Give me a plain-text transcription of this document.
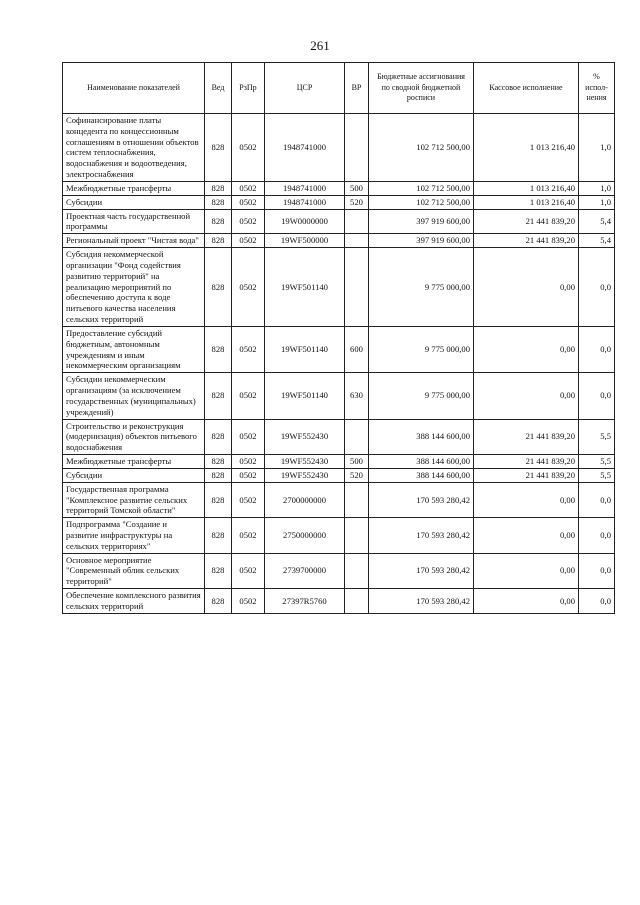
261
Наименование показателей	Вед	РзПр	ЦСР	ВР	Бюджетные ассигнования по сводной бюджетной росписи	Кассовое исполнение	% испол-нения
Софинансирование платы концедента по концессионным соглашениям в отношении объектов систем теплоснабжения, водоснабжения и водоотведения, электроснабжения	828	0502	1948741000		102 712 500,00	1 013 216,40	1,0
Межбюджетные трансферты	828	0502	1948741000	500	102 712 500,00	1 013 216,40	1,0
Субсидии	828	0502	1948741000	520	102 712 500,00	1 013 216,40	1,0
Проектная часть государственной программы	828	0502	19W0000000		397 919 600,00	21 441 839,20	5,4
Региональный проект "Чистая вода"	828	0502	19WF500000		397 919 600,00	21 441 839,20	5,4
Субсидия некоммерческой организации "Фонд содействия развитию территорий" на реализацию мероприятий по обеспечению доступа к воде питьевого качества населения сельских территорий	828	0502	19WF501140		9 775 000,00	0,00	0,0
Предоставление субсидий бюджетным, автономным учреждениям и иным некоммерческим организациям	828	0502	19WF501140	600	9 775 000,00	0,00	0,0
Субсидии некоммерческим организациям (за исключением государственных (муниципальных) учреждений)	828	0502	19WF501140	630	9 775 000,00	0,00	0,0
Строительство и реконструкция (модернизация) объектов питьевого водоснабжения	828	0502	19WF552430		388 144 600,00	21 441 839,20	5,5
Межбюджетные трансферты	828	0502	19WF552430	500	388 144 600,00	21 441 839,20	5,5
Субсидии	828	0502	19WF552430	520	388 144 600,00	21 441 839,20	5,5
Государственная программа "Комплексное развитие сельских территорий Томской области"	828	0502	2700000000		170 593 280,42	0,00	0,0
Подпрограмма "Создание и развитие инфраструктуры на сельских территориях"	828	0502	2750000000		170 593 280,42	0,00	0,0
Основное мероприятие "Современный облик сельских территорий"	828	0502	2739700000		170 593 280,42	0,00	0,0
Обеспечение комплексного развития сельских территорий	828	0502	27397R5760		170 593 280,42	0,00	0,0
